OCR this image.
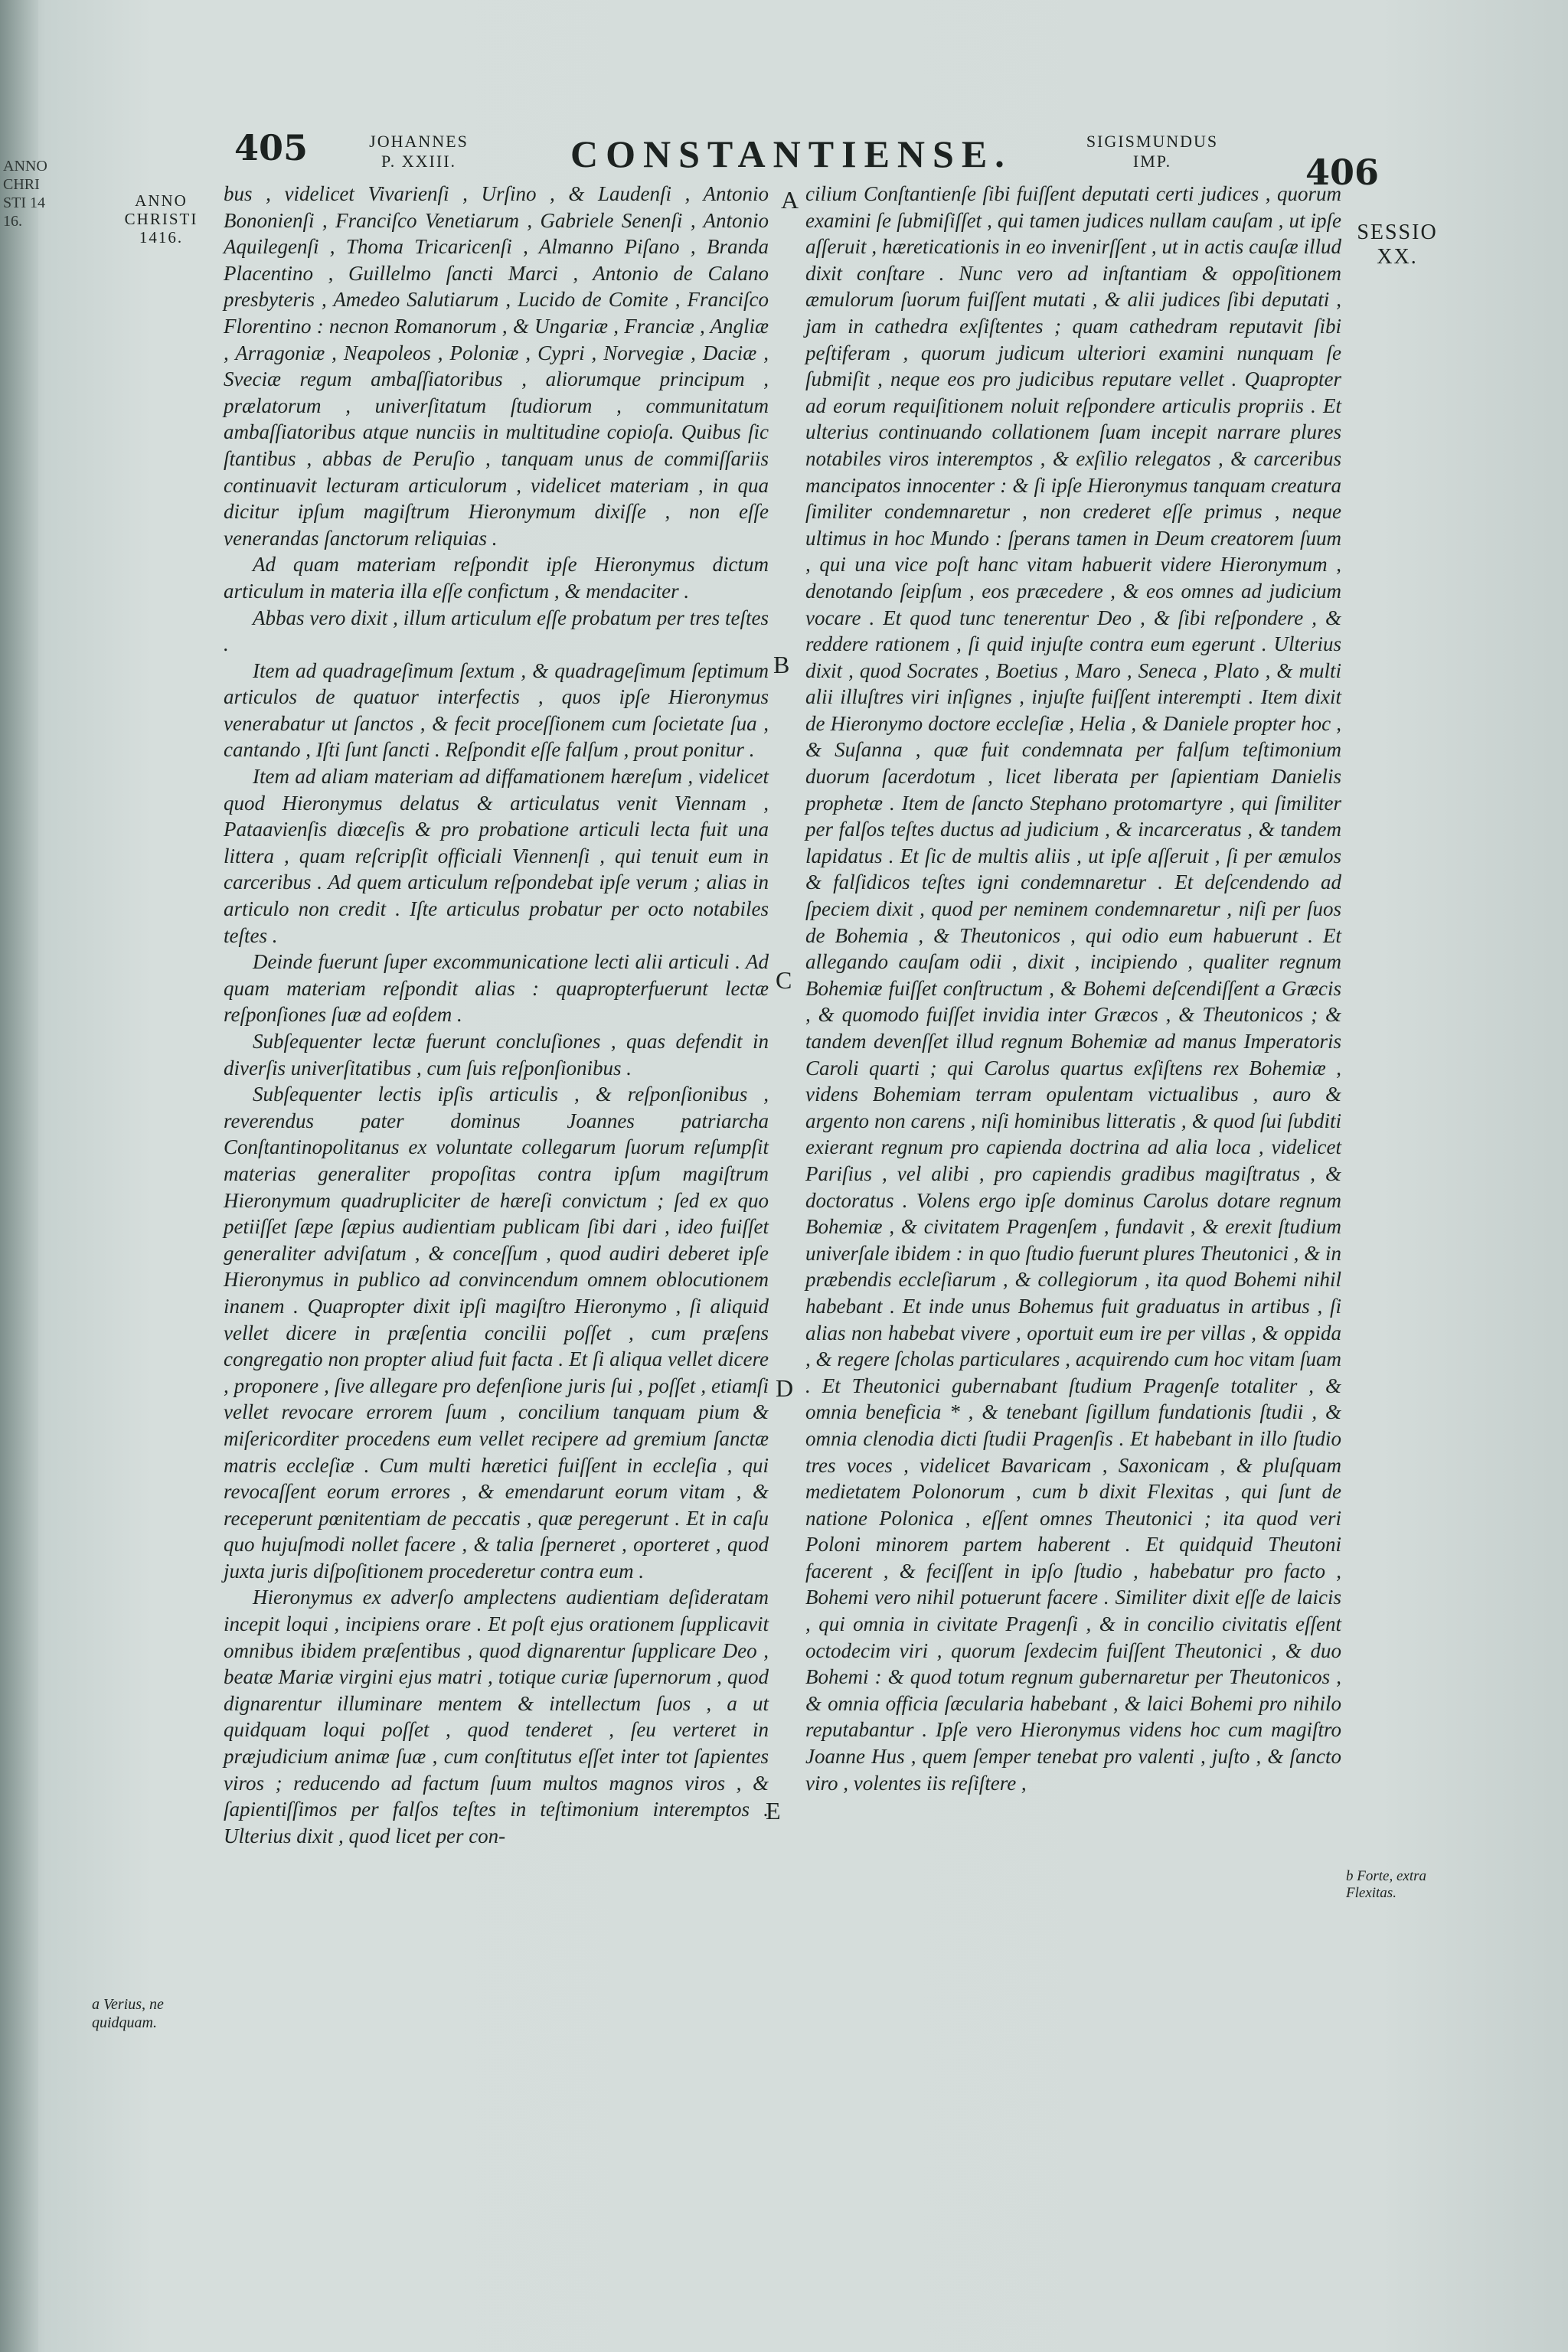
ANNO CHRISTI 1416.
405	JOHANNES
P. XXIII.	CONSTANTIENSE.	SIGISMUNDUS
IMP.	406
ANNO CHRISTI 1416.
a Verius, ne quidquam.
SESSIO XX.
b Forte, extra Flexitas.
A
B
C
D
E

bus , videlicet Vivarienſi , Urſino , & Laudenſi , Antonio Bononienſi , Franciſco Venetiarum , Gabriele Senenſi , Antonio Aquilegenſi , Thoma Tricaricenſi , Almanno Piſano , Branda Placentino , Guillelmo ſancti Marci , Antonio de Calano presbyteris , Amedeo Salutiarum , Lucido de Comite , Franciſco Florentino : necnon Romanorum , & Ungariæ , Franciæ , Angliæ , Arragoniæ , Neapoleos , Poloniæ , Cypri , Norvegiæ , Daciæ , Sveciæ regum ambaſſiatoribus , aliorumque principum , prælatorum , univerſitatum ſtudiorum , communitatum ambaſſiatoribus atque nunciis in multitudine copioſa. Quibus ſic ſtantibus , abbas de Peruſio , tanquam unus de commiſſariis continuavit lecturam articulorum , videlicet materiam , in qua dicitur ipſum magiſtrum Hieronymum dixiſſe , non eſſe venerandas ſanctorum reliquias .

Ad quam materiam reſpondit ipſe Hieronymus dictum articulum in materia illa eſſe confictum , & mendaciter .

Abbas vero dixit , illum articulum eſſe probatum per tres teſtes .

Item ad quadrageſimum ſextum , & quadrageſimum ſeptimum articulos de quatuor interfectis , quos ipſe Hieronymus venerabatur ut ſanctos , & fecit proceſſionem cum ſocietate ſua , cantando , Iſti ſunt ſancti . Reſpondit eſſe falſum , prout ponitur .

Item ad aliam materiam ad diffamationem hæreſum , videlicet quod Hieronymus delatus & articulatus venit Viennam , Pataavienſis diœceſis & pro probatione articuli lecta fuit una littera , quam reſcripſit officiali Viennenſi , qui tenuit eum in carceribus . Ad quem articulum reſpondebat ipſe verum ; alias in articulo non credit . Iſte articulus probatur per octo notabiles teſtes .

Deinde fuerunt ſuper excommunicatione lecti alii articuli . Ad quam materiam reſpondit alias : quapropterfuerunt lectæ reſponſiones ſuæ ad eoſdem .

Subſequenter lectæ fuerunt concluſiones , quas defendit in diverſis univerſitatibus , cum ſuis reſponſionibus .

Subſequenter lectis ipſis articulis , & reſponſionibus , reverendus pater dominus Joannes patriarcha Conſtantinopolitanus ex voluntate collegarum ſuorum reſumpſit materias generaliter propoſitas contra ipſum magiſtrum Hieronymum quadrupliciter de hæreſi convictum ; ſed ex quo petiiſſet ſæpe ſæpius audientiam publicam ſibi dari , ideo fuiſſet generaliter adviſatum , & conceſſum , quod audiri deberet ipſe Hieronymus in publico ad convincendum omnem oblocutionem inanem . Quapropter dixit ipſi magiſtro Hieronymo , ſi aliquid vellet dicere in præſentia concilii poſſet , cum præſens congregatio non propter aliud fuit facta . Et ſi aliqua vellet dicere , proponere , ſive allegare pro defenſione juris ſui , poſſet , etiamſi vellet revocare errorem ſuum , concilium tanquam pium & miſericorditer procedens eum vellet recipere ad gremium ſanctæ matris eccleſiæ . Cum multi hæretici fuiſſent in eccleſia , qui revocaſſent eorum errores , & emendarunt eorum vitam , & receperunt pœnitentiam de peccatis , quæ peregerunt . Et in caſu quo hujuſmodi nollet facere , & talia ſperneret , oporteret , quod juxta juris diſpoſitionem procederetur contra eum .

Hieronymus ex adverſo amplectens audientiam deſideratam incepit loqui , incipiens orare . Et poſt ejus orationem ſupplicavit omnibus ibidem præſentibus , quod dignarentur ſupplicare Deo , beatæ Mariæ virgini ejus matri , totique curiæ ſupernorum , quod dignarentur illuminare mentem & intellectum ſuos , a ut quidquam loqui poſſet , quod tenderet , ſeu verteret in præjudicium animæ ſuæ , cum conſtitutus eſſet inter tot ſapientes viros ; reducendo ad factum ſuum multos magnos viros , & ſapientiſſimos per falſos teſtes in teſtimonium interemptos . Ulterius dixit , quod licet per con-

cilium Conſtantienſe ſibi fuiſſent deputati certi judices , quorum examini ſe ſubmiſiſſet , qui tamen judices nullam cauſam , ut ipſe aſſeruit , hæreticationis in eo invenirſſent , ut in actis cauſæ illud dixit conſtare . Nunc vero ad inſtantiam & oppoſitionem æmulorum ſuorum fuiſſent mutati , & alii judices ſibi deputati , jam in cathedra exſiſtentes ; quam cathedram reputavit ſibi peſtiferam , quorum judicum ulteriori examini nunquam ſe ſubmiſit , neque eos pro judicibus reputare vellet . Quapropter ad eorum requiſitionem noluit reſpondere articulis propriis . Et ulterius continuando collationem ſuam incepit narrare plures notabiles viros interemptos , & exſilio relegatos , & carceribus mancipatos innocenter : & ſi ipſe Hieronymus tanquam creatura ſimiliter condemnaretur , non crederet eſſe primus , neque ultimus in hoc Mundo : ſperans tamen in Deum creatorem ſuum , qui una vice poſt hanc vitam habuerit videre Hieronymum , denotando ſeipſum , eos præcedere , & eos omnes ad judicium vocare . Et quod tunc tenerentur Deo , & ſibi reſpondere , & reddere rationem , ſi quid injuſte contra eum egerunt . Ulterius dixit , quod Socrates , Boetius , Maro , Seneca , Plato , & multi alii illuſtres viri inſignes , injuſte fuiſſent interempti . Item dixit de Hieronymo doctore eccleſiæ , Helia , & Daniele propter hoc , & Suſanna , quæ fuit condemnata per falſum teſtimonium duorum ſacerdotum , licet liberata per ſapientiam Danielis prophetæ . Item de ſancto Stephano protomartyre , qui ſimiliter per falſos teſtes ductus ad judicium , & incarceratus , & tandem lapidatus . Et ſic de multis aliis , ut ipſe aſſeruit , ſi per æmulos & falſidicos teſtes igni condemnaretur . Et deſcendendo ad ſpeciem dixit , quod per neminem condemnaretur , niſi per ſuos de Bohemia , & Theutonicos , qui odio eum habuerunt . Et allegando cauſam odii , dixit , incipiendo , qualiter regnum Bohemiæ fuiſſet conſtructum , & Bohemi deſcendiſſent a Græcis , & quomodo fuiſſet invidia inter Græcos , & Theutonicos ; & tandem devenſſet illud regnum Bohemiæ ad manus Imperatoris Caroli quarti ; qui Carolus quartus exſiſtens rex Bohemiæ , videns Bohemiam terram opulentam victualibus , auro & argento non carens , niſi hominibus litteratis , & quod ſui ſubditi exierant regnum pro capienda doctrina ad alia loca , videlicet Pariſius , vel alibi , pro capiendis gradibus magiſtratus , & doctoratus . Volens ergo ipſe dominus Carolus dotare regnum Bohemiæ , & civitatem Pragenſem , fundavit , & erexit ſtudium univerſale ibidem : in quo ſtudio fuerunt plures Theutonici , & in præbendis eccleſiarum , & collegiorum , ita quod Bohemi nihil habebant . Et inde unus Bohemus fuit graduatus in artibus , ſi alias non habebat vivere , oportuit eum ire per villas , & oppida , & regere ſcholas particulares , acquirendo cum hoc vitam ſuam . Et Theutonici gubernabant ſtudium Pragenſe totaliter , & omnia beneficia * , & tenebant ſigillum fundationis ſtudii , & omnia clenodia dicti ſtudii Pragenſis . Et habebant in illo ſtudio tres voces , videlicet Bavaricam , Saxonicam , & pluſquam medietatem Polonorum , cum b dixit Flexitas , qui ſunt de natione Polonica , eſſent omnes Theutonici ; ita quod veri Poloni minorem partem haberent . Et quidquid Theutoni facerent , & feciſſent in ipſo ſtudio , habebatur pro facto , Bohemi vero nihil potuerunt facere . Similiter dixit eſſe de laicis , qui omnia in civitate Pragenſi , & in concilio civitatis eſſent octodecim viri , quorum ſexdecim fuiſſent Theutonici , & duo Bohemi : & quod totum regnum gubernaretur per Theutonicos , & omnia officia ſæcularia habebant , & laici Bohemi pro nihilo reputabantur . Ipſe vero Hieronymus videns hoc cum magiſtro Joanne Hus , quem ſemper tenebat pro valenti , juſto , & ſancto viro , volentes iis reſiſtere ,
